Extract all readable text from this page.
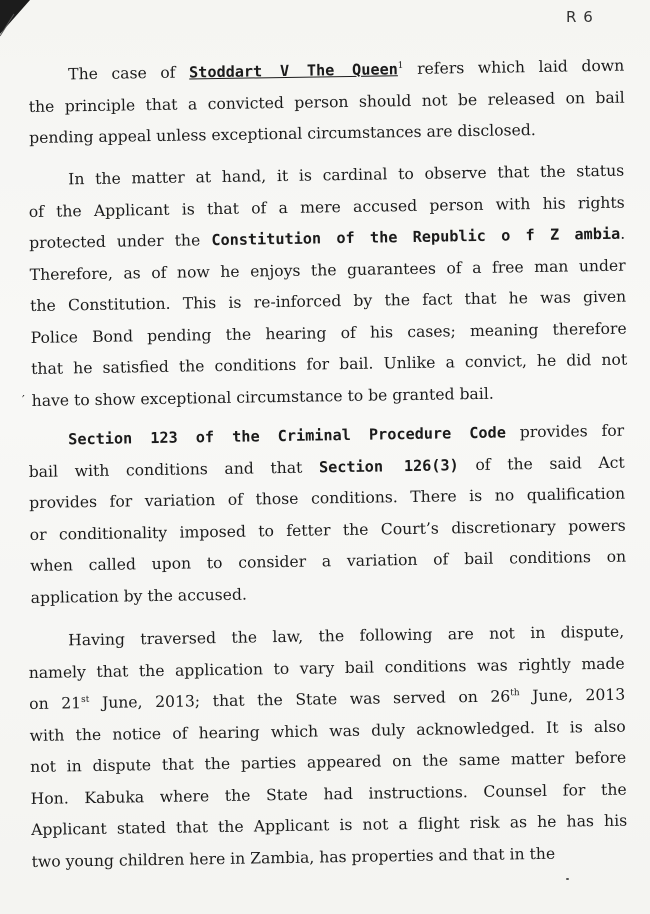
R 6
The case of Stoddart V The Queen$^1$ refers which laid down
the principle that a convicted person should not be released on bail
pending appeal unless exceptional circumstances are disclosed.
In the matter at hand, it is cardinal to observe that the status
of the Applicant is that of a mere accused person with his rights
protected under the Constitution of the Republic o f Z ambia.
Therefore, as of now he enjoys the guarantees of a free man under
the Constitution. This is re-inforced by the fact that he was given
Police Bond pending the hearing of his cases; meaning therefore
that he satisfied the conditions for bail. Unlike a convict, he did not
have to show exceptional circumstance to be granted bail.
Section 123 of the Criminal Procedure Code provides for
bail with conditions and that Section 126(3) of the said Act
provides for variation of those conditions. There is no qualification
or conditionality imposed to fetter the Court’s discretionary powers
when called upon to consider a variation of bail conditions on
application by the accused.
Having traversed the law, the following are not in dispute,
namely that the application to vary bail conditions was rightly made
on 21st June, 2013; that the State was served on 26th June, 2013
with the notice of hearing which was duly acknowledged. It is also
not in dispute that the parties appeared on the same matter before
Hon. Kabuka where the State had instructions. Counsel for the
Applicant stated that the Applicant is not a flight risk as he has his
two young children here in Zambia, has properties and that in the
′
